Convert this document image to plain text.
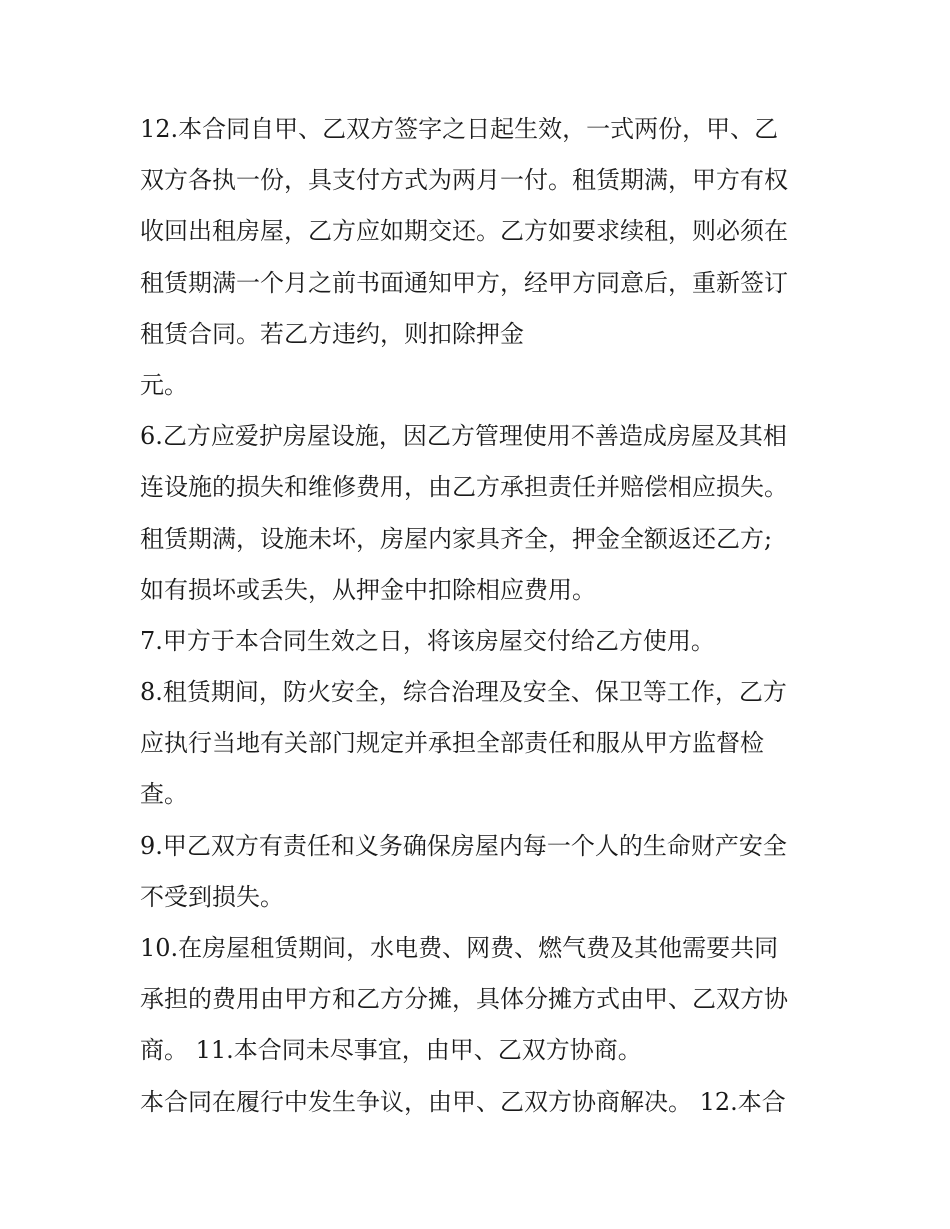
12.本合同自甲、乙双方签字之日起生效，一式两份，甲、乙
双方各执一份，具支付方式为两月一付。租赁期满，甲方有权
收回出租房屋，乙方应如期交还。乙方如要求续租，则必须在
租赁期满一个月之前书面通知甲方，经甲方同意后，重新签订
租赁合同。若乙方违约，则扣除押金
元。
6.乙方应爱护房屋设施，因乙方管理使用不善造成房屋及其相
连设施的损失和维修费用，由乙方承担责任并赔偿相应损失。
租赁期满，设施未坏，房屋内家具齐全，押金全额返还乙方;
如有损坏或丢失，从押金中扣除相应费用。
7.甲方于本合同生效之日，将该房屋交付给乙方使用。
8.租赁期间，防火安全，综合治理及安全、保卫等工作，乙方
应执行当地有关部门规定并承担全部责任和服从甲方监督检
查。
9.甲乙双方有责任和义务确保房屋内每一个人的生命财产安全
不受到损失。
10.在房屋租赁期间，水电费、网费、燃气费及其他需要共同
承担的费用由甲方和乙方分摊，具体分摊方式由甲、乙双方协
商。 11.本合同未尽事宜，由甲、乙双方协商。
本合同在履行中发生争议，由甲、乙双方协商解决。 12.本合
